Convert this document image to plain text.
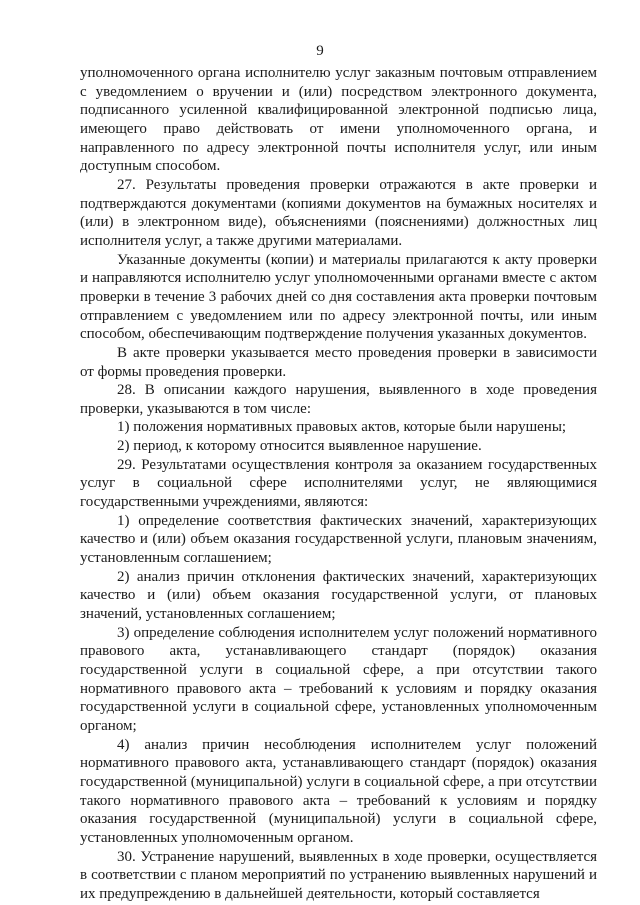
9

уполномоченного органа исполнителю услуг заказным почтовым отправлением с уведомлением о вручении и (или) посредством электронного документа, подписанного усиленной квалифицированной электронной подписью лица, имеющего право действовать от имени уполномоченного органа, и направленного по адресу электронной почты исполнителя услуг, или иным доступным способом.

27. Результаты проведения проверки отражаются в акте проверки и подтверждаются документами (копиями документов на бумажных носителях и (или) в электронном виде), объяснениями (пояснениями) должностных лиц исполнителя услуг, а также другими материалами.

Указанные документы (копии) и материалы прилагаются к акту проверки и направляются исполнителю услуг уполномоченными органами вместе с актом проверки в течение 3 рабочих дней со дня составления акта проверки почтовым отправлением с уведомлением или по адресу электронной почты, или иным способом, обеспечивающим подтверждение получения указанных документов.

В акте проверки указывается место проведения проверки в зависимости от формы проведения проверки.

28. В описании каждого нарушения, выявленного в ходе проведения проверки, указываются в том числе:

1) положения нормативных правовых актов, которые были нарушены;

2) период, к которому относится выявленное нарушение.

29. Результатами осуществления контроля за оказанием государственных услуг в социальной сфере исполнителями услуг, не являющимися государственными учреждениями, являются:

1) определение соответствия фактических значений, характеризующих качество и (или) объем оказания государственной услуги, плановым значениям, установленным соглашением;

2) анализ причин отклонения фактических значений, характеризующих качество и (или) объем оказания государственной услуги, от плановых значений, установленных соглашением;

3) определение соблюдения исполнителем услуг положений нормативного правового акта, устанавливающего стандарт (порядок) оказания государственной услуги в социальной сфере, а при отсутствии такого нормативного правового акта – требований к условиям и порядку оказания государственной услуги в социальной сфере, установленных уполномоченным органом;

4) анализ причин несоблюдения исполнителем услуг положений нормативного правового акта, устанавливающего стандарт (порядок) оказания государственной (муниципальной) услуги в социальной сфере, а при отсутствии такого нормативного правового акта – требований к условиям и порядку оказания государственной (муниципальной) услуги в социальной сфере, установленных уполномоченным органом.

30. Устранение нарушений, выявленных в ходе проверки, осуществляется в соответствии с планом мероприятий по устранению выявленных нарушений и их предупреждению в дальнейшей деятельности, который составляется
